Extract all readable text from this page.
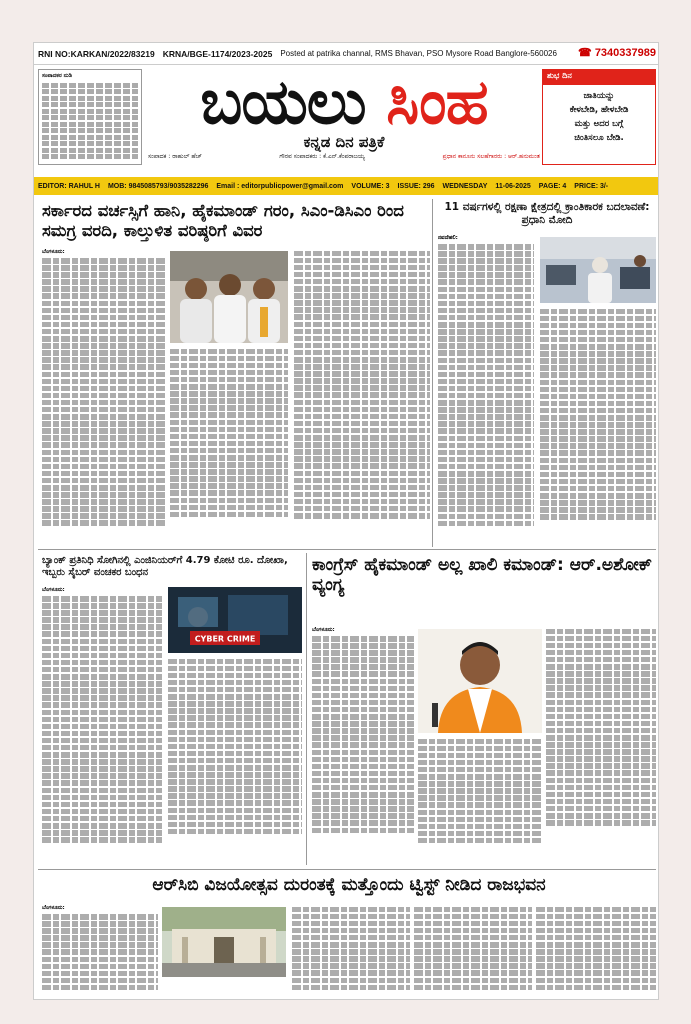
RNI NO:KARKAN/2022/83219 KRNA/BGE-1174/2023-2025 Posted at patrika channal, RMS Bhavan, PSO Mysore Road Banglore-560026 ☎ 7340337989
ಸಂಪಾದಕರ ನುಡಿ	ಬಯಲು ಸಿಂಹ
ಕನ್ನಡ ದಿನ ಪತ್ರಿಕೆ
ಸಂಪಾದಕ : ರಾಹುಲ್ ಹೆಚ್	ಗೌರವ ಸಂಪಾದಕರು : ಕೆ.ಎನ್.ಕೆಂಪರಾಜಯ್ಯ	ಪ್ರಧಾನ ಕಾನೂನು ಸಲಹೆಗಾರರು : ಆರ್.ಹನುಮಂತ
ಶುಭ ದಿನ
ಜಾತಿಯನ್ನು
ಕೇಳಬೇಡಿ, ಹೇಳಬೇಡಿ
ಮತ್ತು ಅದರ ಬಗ್ಗೆ
ಚಿಂತಿಸಲೂ ಬೇಡಿ.
EDITOR: RAHUL H MOB: 9845085793/9035282296 Email : editorpublicpower@gmail.com VOLUME: 3 ISSUE: 296 WEDNESDAY 11-06-2025 PAGE: 4 PRICE: 3/-
ಸರ್ಕಾರದ ವರ್ಚಸ್ಸಿಗೆ ಹಾನಿ, ಹೈಕಮಾಂಡ್ ಗರಂ, ಸಿಎಂ-ಡಿಸಿಎಂ ರಿಂದ ಸಮಗ್ರ ವರದಿ, ಕಾಲ್ತುಳಿತ ವರಿಷ್ಠರಿಗೆ ವಿವರ
ಬೆಂಗಳೂರು:
11 ವರ್ಷಗಳಲ್ಲಿ ರಕ್ಷಣಾ ಕ್ಷೇತ್ರದಲ್ಲಿ ಕ್ರಾಂತಿಕಾರಕ ಬದಲಾವಣೆ: ಪ್ರಧಾನಿ ಮೋದಿ
ನವದೆಹಲಿ:
ಬ್ಯಾಂಕ್ ಪ್ರತಿನಿಧಿ ಸೋಗಿನಲ್ಲಿ ಎಂಜಿನಿಯರ್‌ಗೆ 4.79 ಕೋಟಿ ರೂ. ದೋಖಾ, ಇಬ್ಬರು ಸೈಬರ್ ವಂಚಕರ ಬಂಧನ
ಬೆಂಗಳೂರು:
CYBER CRIME
ಕಾಂಗ್ರೆಸ್ ಹೈಕಮಾಂಡ್ ಅಲ್ಲ ಖಾಲಿ ಕಮಾಂಡ್: ಆರ್.ಅಶೋಕ್ ವ್ಯಂಗ್ಯ
ಬೆಂಗಳೂರು:
ಆರ್‌ಸಿಬಿ ವಿಜಯೋತ್ಸವ ದುರಂತಕ್ಕೆ ಮತ್ತೊಂದು ಟ್ವಿಸ್ಟ್ ನೀಡಿದ ರಾಜಭವನ
ಬೆಂಗಳೂರು:
